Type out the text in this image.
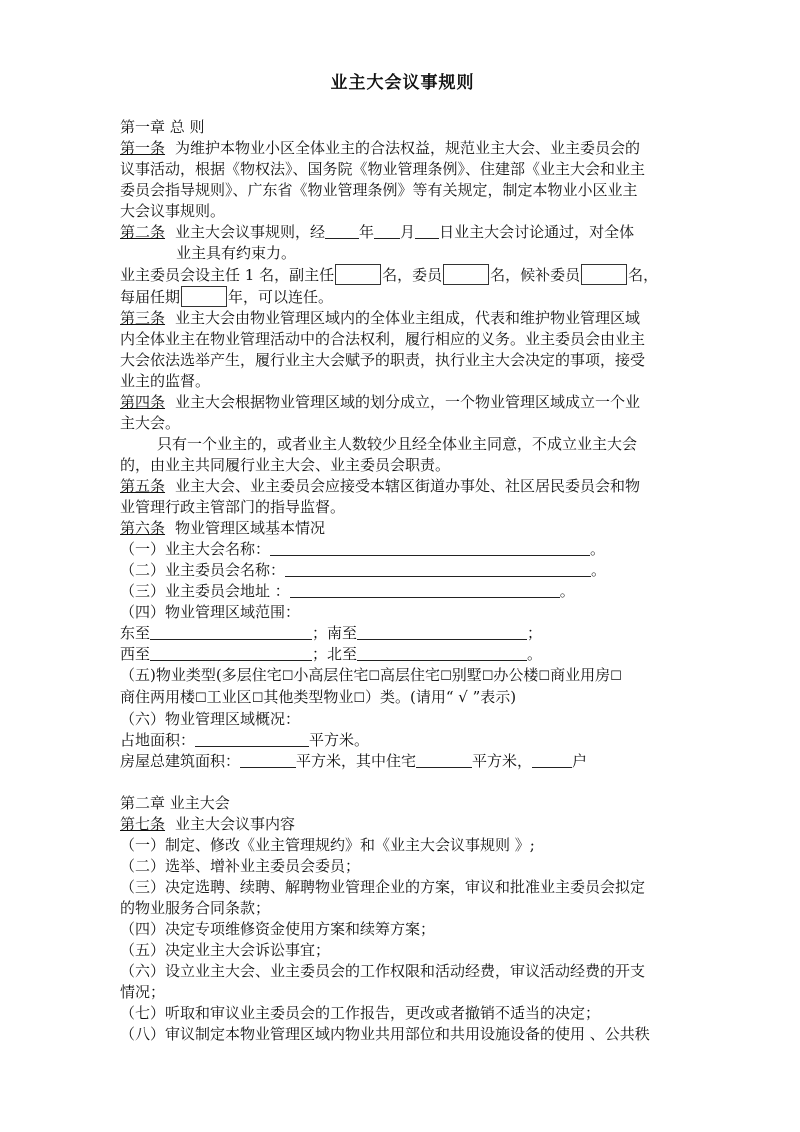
业主大会议事规则
第一章 总 则
第一条 为维护本物业小区全体业主的合法权益，规范业主大会、业主委员会的
议事活动，根据《物权法》、国务院《物业管理条例》、住建部《业主大会和业主
委员会指导规则》、广东省《物业管理条例》等有关规定，制定本物业小区业主
大会议事规则。
第二条 业主大会议事规则，经 年 月 日业主大会讨论通过，对全体
业主具有约束力。
业主委员会设主任 1 名，副主任	名，委员	名，候补委员	名，
每届任期	年，可以连任。
第三条 业主大会由物业管理区域内的全体业主组成，代表和维护物业管理区域
内全体业主在物业管理活动中的合法权利，履行相应的义务。业主委员会由业主
大会依法选举产生，履行业主大会赋予的职责，执行业主大会决定的事项，接受
业主的监督。
第四条 业主大会根据物业管理区域的划分成立，一个物业管理区域成立一个业
主大会。
只有一个业主的，或者业主人数较少且经全体业主同意，不成立业主大会
的，由业主共同履行业主大会、业主委员会职责。
第五条 业主大会、业主委员会应接受本辖区街道办事处、社区居民委员会和物
业管理行政主管部门的指导监督。
第六条 物业管理区域基本情况
（一）业主大会名称：	。
（二）业主委员会名称：	。
（三）业主委员会地址 ：	。
（四）物业管理区域范围：
东至	；南至	；
西至	；北至	。
（五)物业类型(多层住宅☐小高层住宅☐高层住宅☐别墅☐办公楼☐商业用房☐
商住两用楼☐工业区☐其他类型物业☐）类。(请用“ √ ”表示)
（六）物业管理区域概况：
占地面积：	平方米。
房屋总建筑面积：	平方米，其中住宅	平方米，	户
第二章 业主大会
第七条 业主大会议事内容
（一）制定、修改《业主管理规约》和《业主大会议事规则 》;
（二）选举、增补业主委员会委员；
（三）决定选聘、续聘、解聘物业管理企业的方案，审议和批准业主委员会拟定
的物业服务合同条款；
（四）决定专项维修资金使用方案和续筹方案；
（五）决定业主大会诉讼事宜；
（六）设立业主大会、业主委员会的工作权限和活动经费，审议活动经费的开支
情况；
（七）听取和审议业主委员会的工作报告，更改或者撤销不适当的决定；
（八）审议制定本物业管理区域内物业共用部位和共用设施设备的使用 、公共秩
